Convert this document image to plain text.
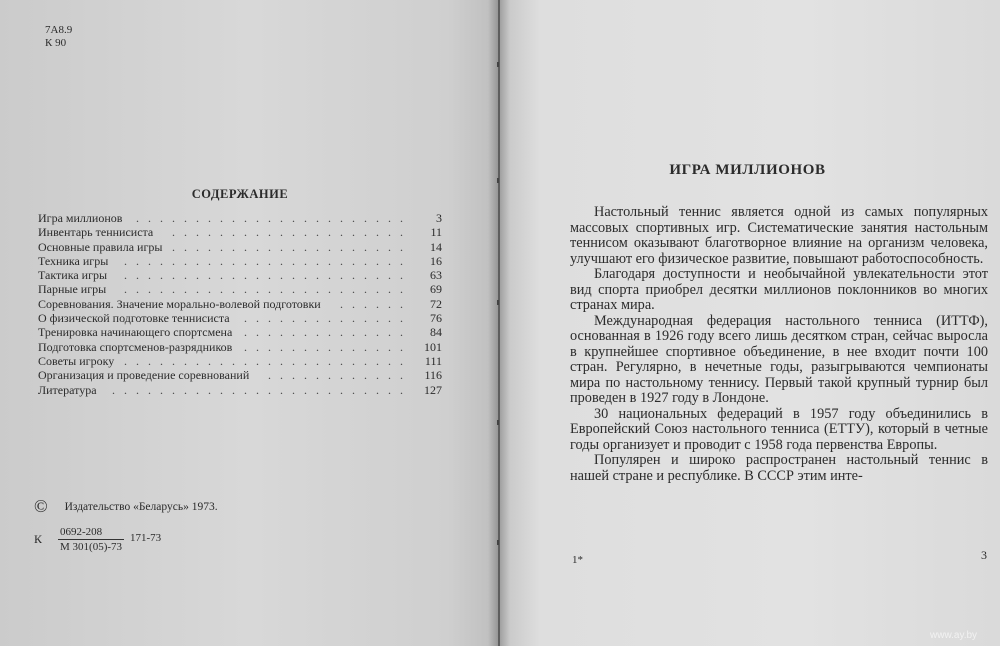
7А8.9
К 90
СОДЕРЖАНИЕ
Игра миллионов	.......................	3
Инвентарь теннисиста	....................	11
Основные правила игры ....................	14
Техника игры	........................	16
Тактика игры	........................	63
Парные игры	........................	69
Соревнования. Значение морально-волевой подготовки	......	72
О физической подготовке теннисиста	..............	76
Тренировка начинающего спортсмена ..............	84
Подготовка спортсменов-разрядников ..............	101
Советы игроку ........................	111
Организация и проведение соревнований	............	116
Литература	.........................	127
© Издательство «Беларусь» 1973.
К 0692-208
М 301(05)-73
171-73
ИГРА МИЛЛИОНОВ

Настольный теннис является одной из самых популярных массовых спортивных игр. Систематические занятия настольным теннисом оказывают благотворное влияние на организм человека, улучшают его физическое развитие, повышают работоспособность.

Благодаря доступности и необычайной увлекательности этот вид спорта приобрел десятки миллионов поклонников во многих странах мира.

Международная федерация настольного тенниса (ИТТФ), основанная в 1926 году всего лишь десятком стран, сейчас выросла в крупнейшее спортивное объединение, в нее входит почти 100 стран. Регулярно, в нечетные годы, разыгрываются чемпионаты мира по настольному теннису. Первый такой крупный турнир был проведен в 1927 году в Лондоне.

30 национальных федераций в 1957 году объединились в Европейский Союз настольного тенниса (ЕТТУ), который в четные годы организует и проводит с 1958 года первенства Европы.

Популярен и широко распространен настольный теннис в нашей стране и республике. В СССР этим инте-

3
1*
www.ay.by
